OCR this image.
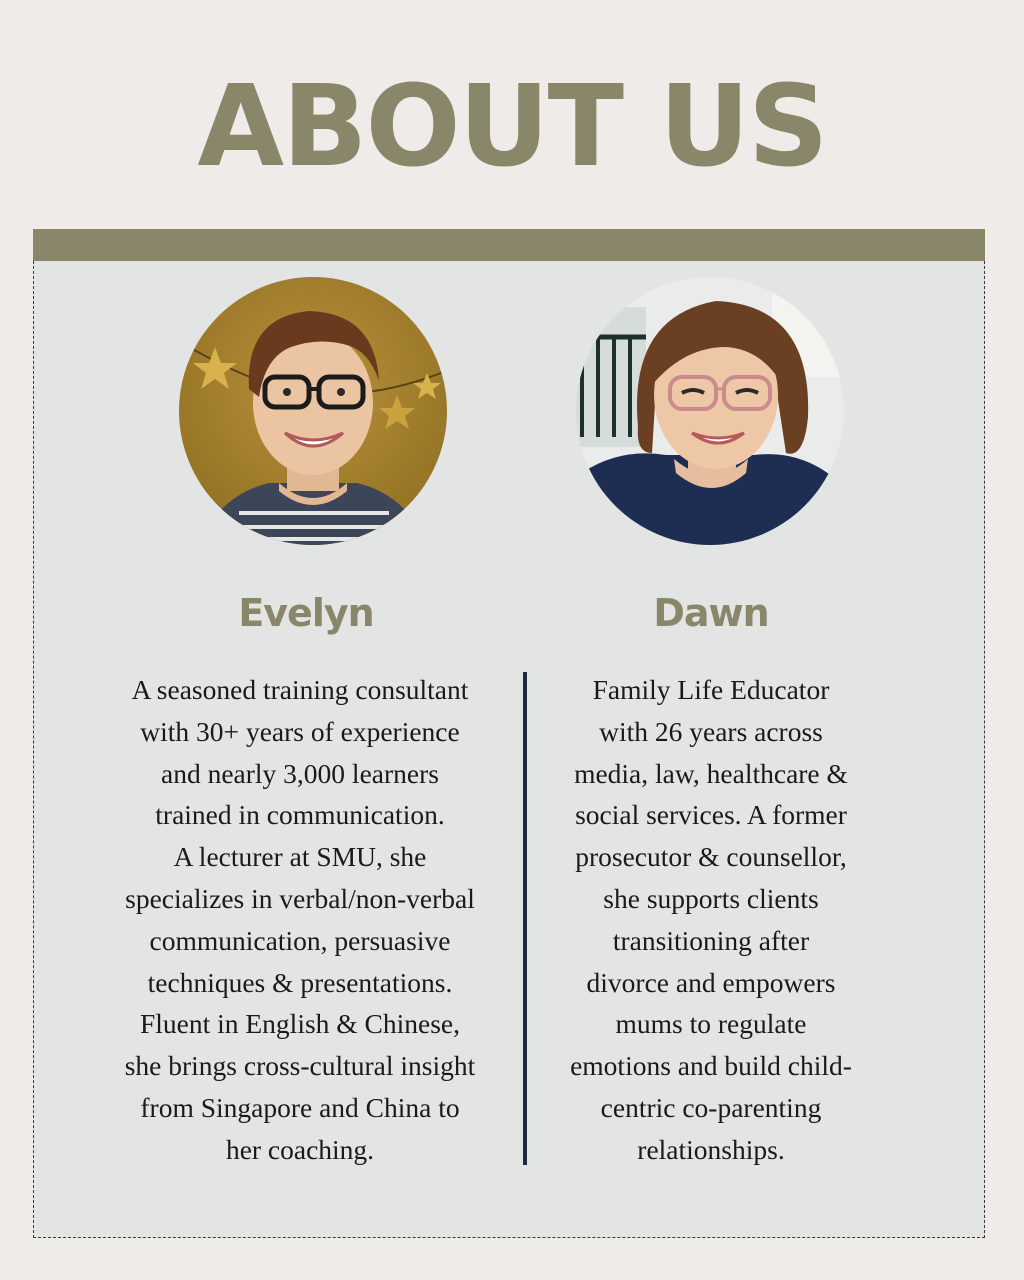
ABOUT US
Evelyn	Dawn
A seasoned training consultant
with 30+ years of experience
and nearly 3,000 learners
trained in communication.
A lecturer at SMU, she
specializes in verbal/non-verbal
communication, persuasive
techniques & presentations.
Fluent in English & Chinese,
she brings cross-cultural insight
from Singapore and China to
her coaching.
Family Life Educator
with 26 years across
media, law, healthcare &
social services. A former
prosecutor & counsellor,
she supports clients
transitioning after
divorce and empowers
mums to regulate
emotions and build child-
centric co-parenting
relationships.
